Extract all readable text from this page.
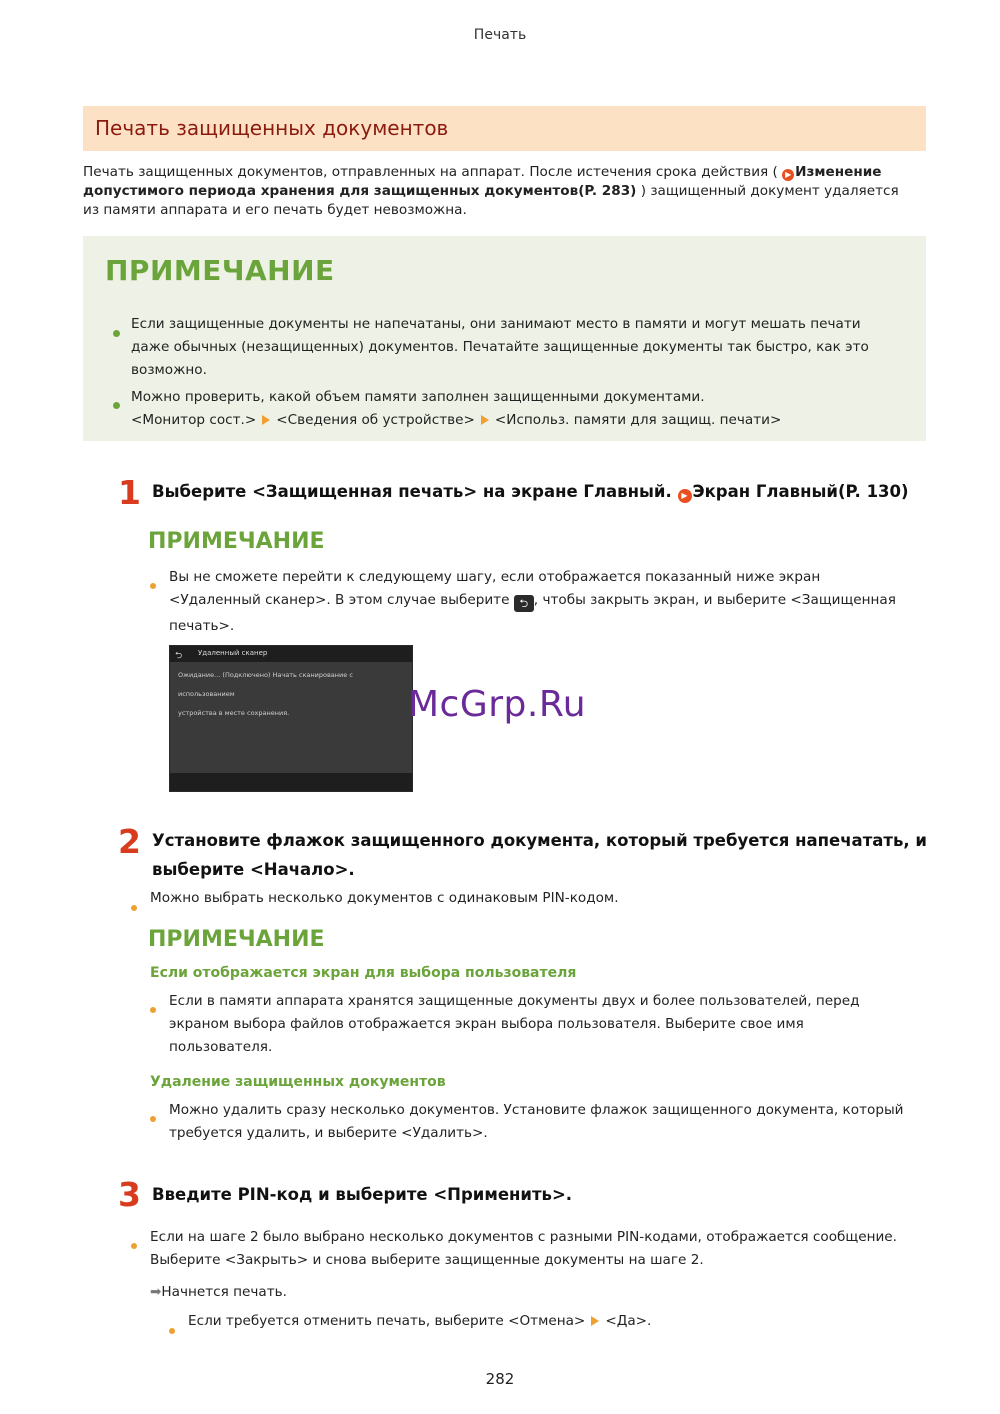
Печать
Печать защищенных документов
Печать защищенных документов, отправленных на аппарат. После истечения срока действия ( ▶ Изменение
допустимого периода хранения для защищенных документов(P. 283) ) защищенный документ удаляется
из памяти аппарата и его печать будет невозможна.
ПРИМЕЧАНИЕ
Если защищенные документы не напечатаны, они занимают место в памяти и могут мешать печати
даже обычных (незащищенных) документов. Печатайте защищенные документы так быстро, как это
возможно.
Можно проверить, какой объем памяти заполнен защищенными документами.
<Монитор сост.> <Сведения об устройстве> <Использ. памяти для защищ. печати>
1 Выберите <Защищенная печать> на экране Главный. ▶ Экран Главный(P. 130)
ПРИМЕЧАНИЕ
Вы не сможете перейти к следующему шагу, если отображается показанный ниже экран
<Удаленный сканер>. В этом случае выберите ⮌ , чтобы закрыть экран, и выберите <Защищенная
печать>.
⮌ Удаленный сканер
Ожидание... (Подключено) Начать сканирование с использованием
устройства в месте сохранения.	McGrp.Ru
2 Установите флажок защищенного документа, который требуется напечатать, и
выберите <Начало>.
Можно выбрать несколько документов с одинаковым PIN-кодом.
ПРИМЕЧАНИЕ
Если отображается экран для выбора пользователя
Если в памяти аппарата хранятся защищенные документы двух и более пользователей, перед
экраном выбора файлов отображается экран выбора пользователя. Выберите свое имя
пользователя.
Удаление защищенных документов
Можно удалить сразу несколько документов. Установите флажок защищенного документа, который
требуется удалить, и выберите <Удалить>.
3 Введите PIN-код и выберите <Применить>.
Если на шаге 2 было выбрано несколько документов с разными PIN-кодами, отображается сообщение.
Выберите <Закрыть> и снова выберите защищенные документы на шаге 2.
➡Начнется печать.
Если требуется отменить печать, выберите <Отмена> <Да>.
282
